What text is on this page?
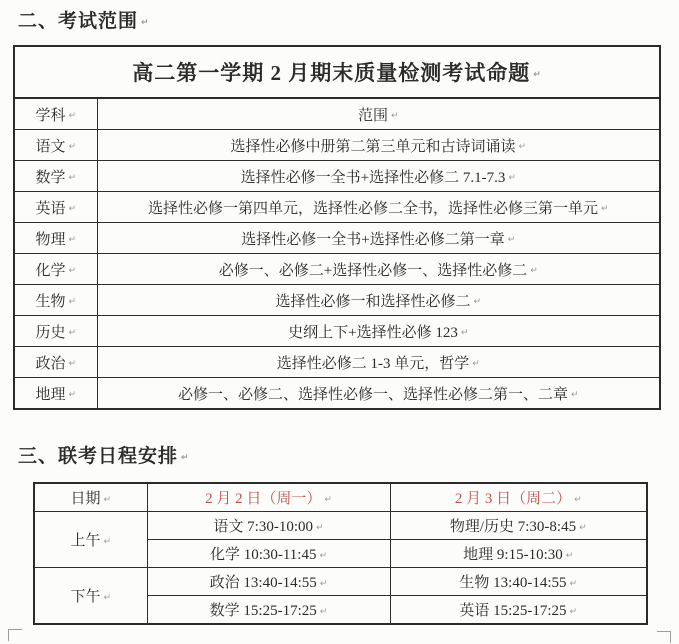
二、考试范围 ↵
高二第一学期 2 月期末质量检测考试命题 ↵	
学科 ↵	范围 ↵
语文 ↵	选择性必修中册第二第三单元和古诗词诵读 ↵
数学 ↵	选择性必修一全书+选择性必修二 7.1-7.3 ↵
英语 ↵	选择性必修一第四单元，选择性必修二全书，选择性必修三第一单元 ↵
物理 ↵	选择性必修一全书+选择性必修二第一章 ↵
化学 ↵	必修一、必修二+选择性必修一、选择性必修二 ↵
生物 ↵	选择性必修一和选择性必修二 ↵
历史 ↵	史纲上下+选择性必修 123 ↵
政治 ↵	选择性必修二 1-3 单元，哲学 ↵
地理 ↵	必修一、必修二、选择性必修一、选择性必修二第一、二章 ↵
三、联考日程安排 ↵
日期 ↵	2 月 2 日（周一） ↵	2 月 3 日（周二） ↵
上午 ↵	语文 7:30-10:00 ↵	物理/历史 7:30-8:45 ↵
	化学 10:30-11:45 ↵	地理 9:15-10:30 ↵
下午 ↵	政治 13:40-14:55 ↵	生物 13:40-14:55 ↵
	数学 15:25-17:25 ↵	英语 15:25-17:25 ↵
